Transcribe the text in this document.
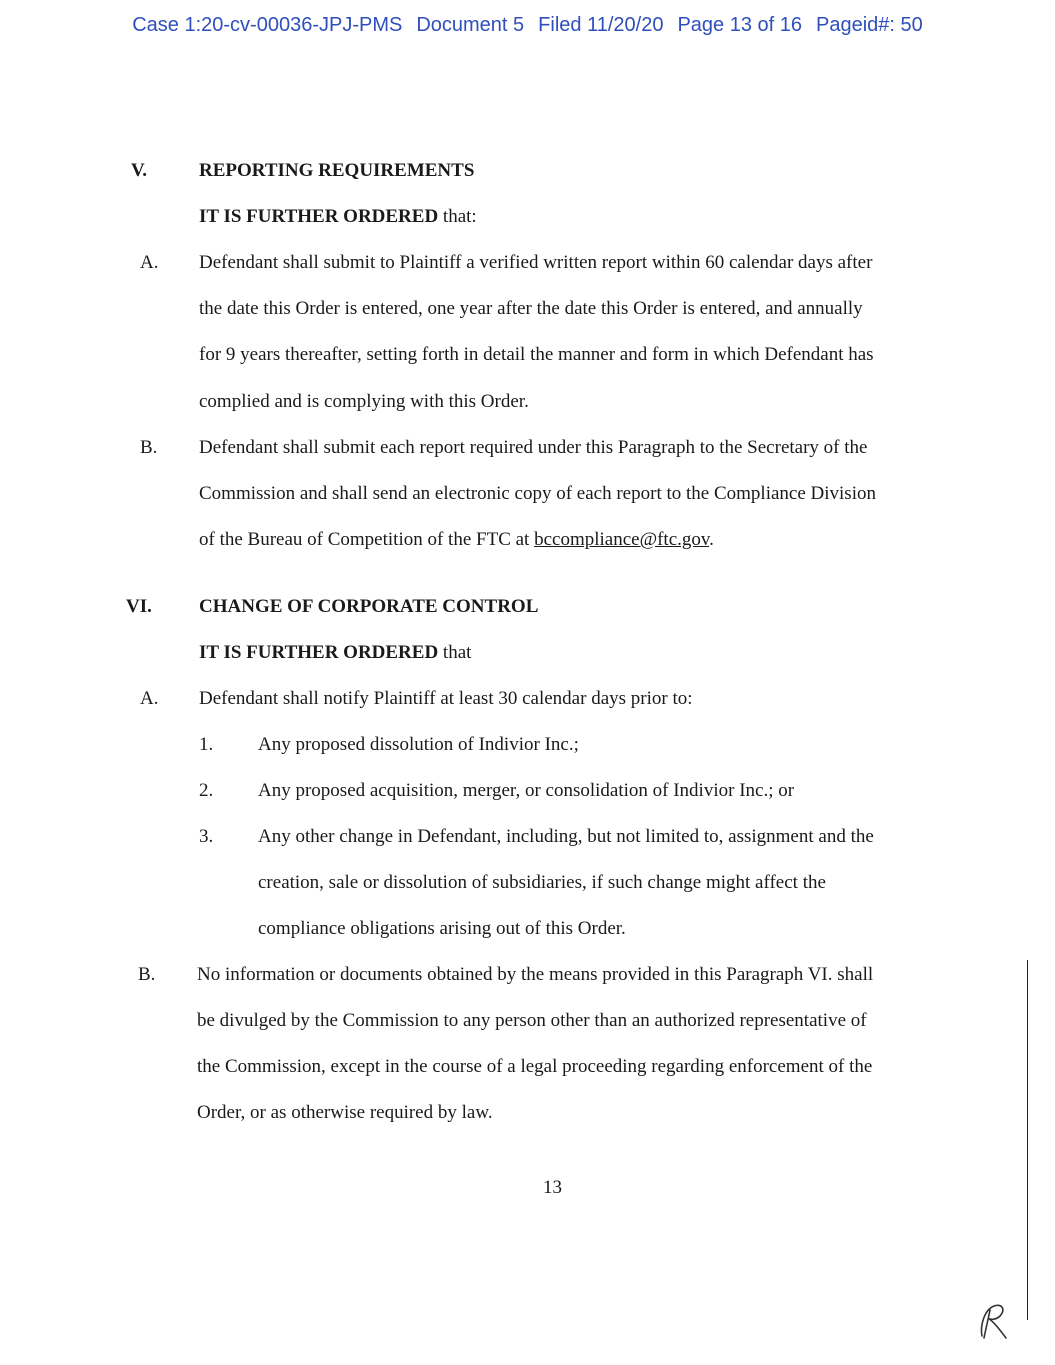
Case 1:20-cv-00036-JPJ-PMS Document 5 Filed 11/20/20 Page 13 of 16 Pageid#: 50
V.	REPORTING REQUIREMENTS
IT IS FURTHER ORDERED that:
A. Defendant shall submit to Plaintiff a verified written report within 60 calendar days after
the date this Order is entered, one year after the date this Order is entered, and annually
for 9 years thereafter, setting forth in detail the manner and form in which Defendant has
complied and is complying with this Order.
B. Defendant shall submit each report required under this Paragraph to the Secretary of the
Commission and shall send an electronic copy of each report to the Compliance Division
of the Bureau of Competition of the FTC at bccompliance@ftc.gov.
VI. CHANGE OF CORPORATE CONTROL
IT IS FURTHER ORDERED that
A. Defendant shall notify Plaintiff at least 30 calendar days prior to:
1. Any proposed dissolution of Indivior Inc.;
2. Any proposed acquisition, merger, or consolidation of Indivior Inc.; or
3. Any other change in Defendant, including, but not limited to, assignment and the
creation, sale or dissolution of subsidiaries, if such change might affect the
compliance obligations arising out of this Order.
B. No information or documents obtained by the means provided in this Paragraph VI. shall
be divulged by the Commission to any person other than an authorized representative of
the Commission, except in the course of a legal proceeding regarding enforcement of the
Order, or as otherwise required by law.
13
